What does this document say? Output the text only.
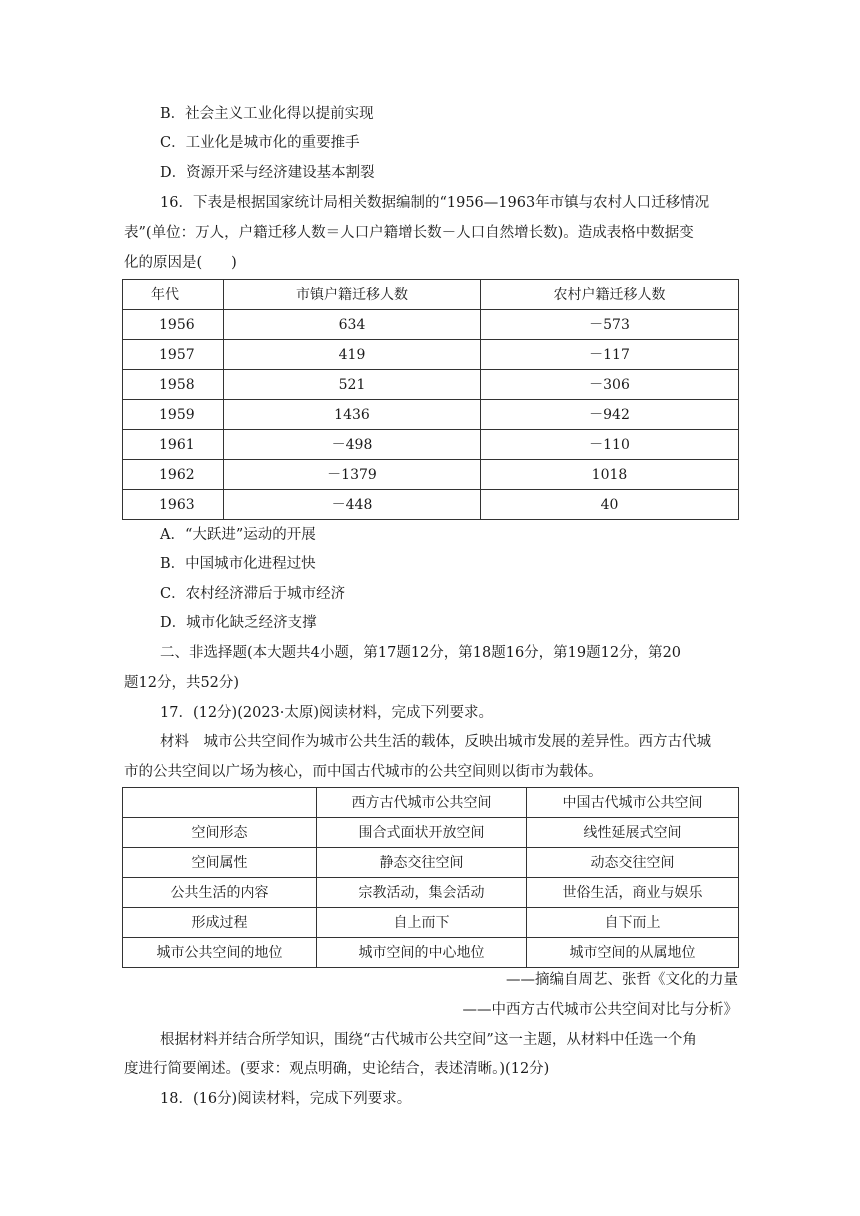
B．社会主义工业化得以提前实现
C．工业化是城市化的重要推手
D．资源开采与经济建设基本割裂
16．下表是根据国家统计局相关数据编制的“1956—1963年市镇与农村人口迁移情况
表”(单位：万人，户籍迁移人数＝人口户籍增长数－人口自然增长数)。造成表格中数据变
化的原因是(　　)
年代	市镇户籍迁移人数	农村户籍迁移人数
1956	634	－573
1957	419	－117
1958	521	－306
1959	1436	－942
1961	－498	－110
1962	－1379	1018
1963	－448	40
A．“大跃进”运动的开展
B．中国城市化进程过快
C．农村经济滞后于城市经济
D．城市化缺乏经济支撑
二、非选择题(本大题共4小题，第17题12分，第18题16分，第19题12分，第20
题12分，共52分)
17．(12分)(2023·太原)阅读材料，完成下列要求。
材料　城市公共空间作为城市公共生活的载体，反映出城市发展的差异性。西方古代城
市的公共空间以广场为核心，而中国古代城市的公共空间则以街市为载体。
	西方古代城市公共空间	中国古代城市公共空间
空间形态	围合式面状开放空间	线性延展式空间
空间属性	静态交往空间	动态交往空间
公共生活的内容	宗教活动，集会活动	世俗生活，商业与娱乐
形成过程	自上而下	自下而上
城市公共空间的地位	城市空间的中心地位	城市空间的从属地位
——摘编自周艺、张哲《文化的力量
——中西方古代城市公共空间对比与分析》
根据材料并结合所学知识，围绕“古代城市公共空间”这一主题，从材料中任选一个角
度进行简要阐述。(要求：观点明确，史论结合，表述清晰。)(12分)
18．(16分)阅读材料，完成下列要求。
